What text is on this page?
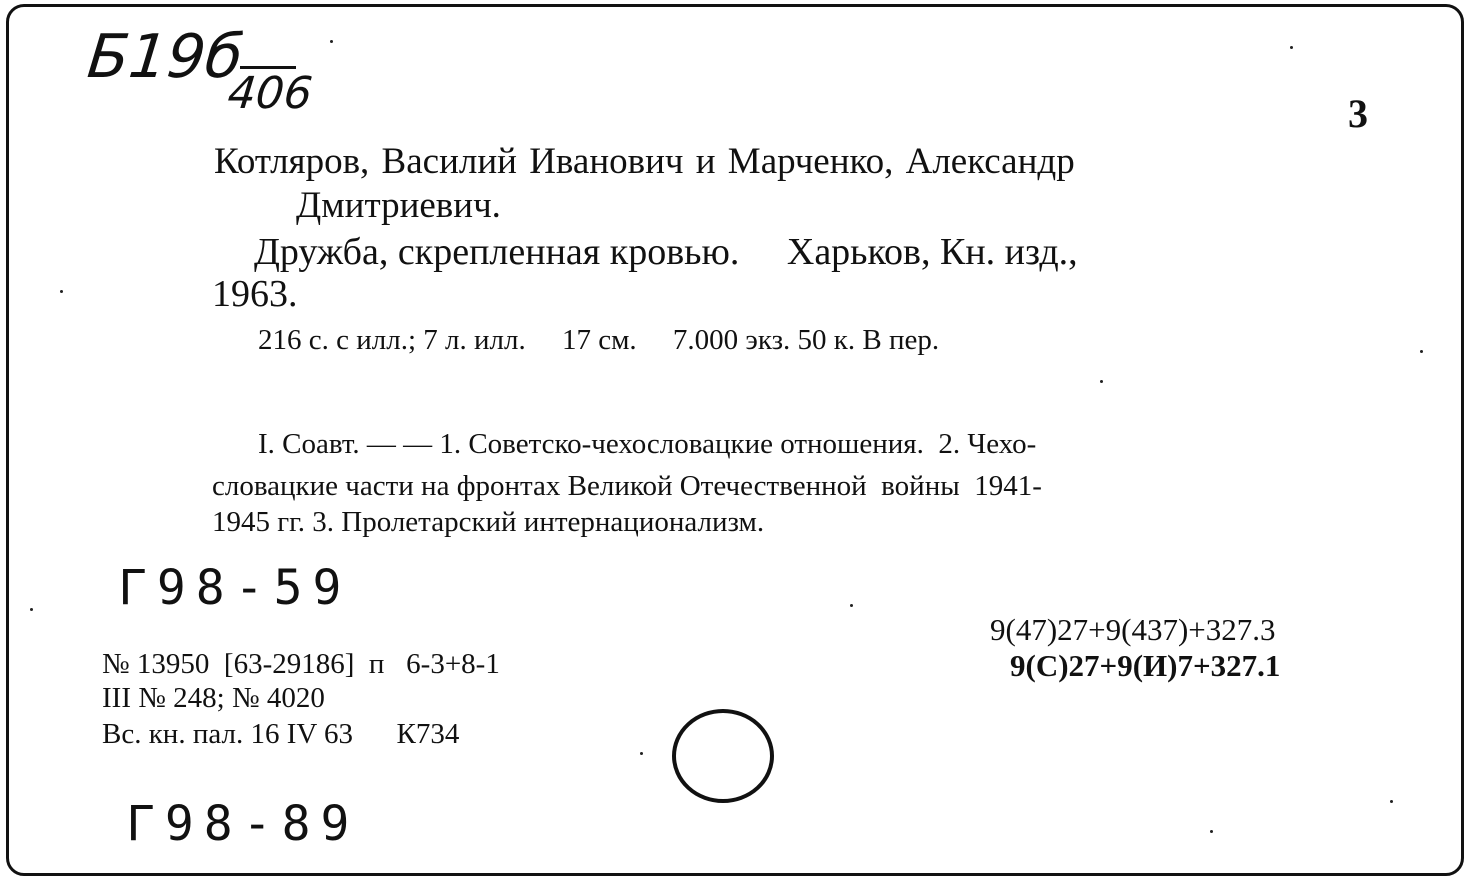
Б19б
406	3
Котляров, Василий Иванович и Марченко, Александр
Дмитриевич.
Дружба, скрепленная кровью.     Харьков, Кн. изд.,
1963.
216 с. с илл.; 7 л. илл.     17 см.     7.000 экз. 50 к. В пер.
I. Соавт. — — 1. Советско-чехословацкие отношения.  2. Чехо-
словацкие части на фронтах Великой Отечественной  войны  1941-
1945 гг. 3. Пролетарский интернационализм.
Г98-59
9(47)27+9(437)+327.3
9(С)27+9(И)7+327.1
№ 13950  [63-29186]  п   6-3+8-1
III № 248; № 4020
Вс. кн. пал. 16 IV 63      К734
Г98-89
